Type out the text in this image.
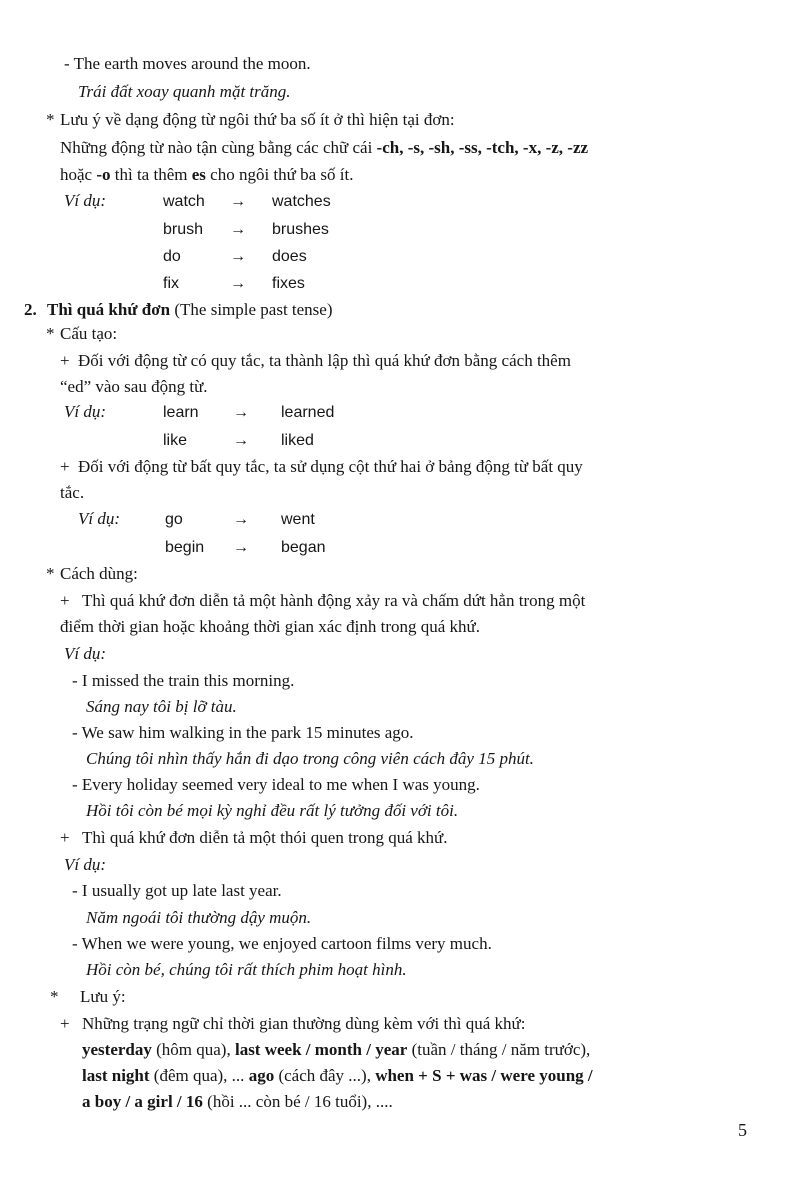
- The earth moves around the moon.
Trái đất xoay quanh mặt trăng.
* Lưu ý về dạng động từ ngôi thứ ba số ít ở thì hiện tại đơn:
Những động từ nào tận cùng bằng các chữ cái -ch, -s, -sh, -ss, -tch, -x, -z, -zz
hoặc -o thì ta thêm es cho ngôi thứ ba số ít.
Ví dụ:	watch → watches
brush → brushes
do	→ does
fix	→ fixes
2. Thì quá khứ đơn (The simple past tense)
* Cấu tạo:
+ Đối với động từ có quy tắc, ta thành lập thì quá khứ đơn bằng cách thêm
“ed” vào sau động từ.
Ví dụ:	learn → learned
like	→ liked
+ Đối với động từ bất quy tắc, ta sử dụng cột thứ hai ở bảng động từ bất quy
tắc.
Ví dụ:	go	→ went
begin → began
* Cách dùng:
+ Thì quá khứ đơn diễn tả một hành động xảy ra và chấm dứt hẳn trong một
điểm thời gian hoặc khoảng thời gian xác định trong quá khứ.
Ví dụ:
- I missed the train this morning.
Sáng nay tôi bị lỡ tàu.
- We saw him walking in the park 15 minutes ago.
Chúng tôi nhìn thấy hắn đi dạo trong công viên cách đây 15 phút.
- Every holiday seemed very ideal to me when I was young.
Hồi tôi còn bé mọi kỳ nghỉ đều rất lý tưởng đối với tôi.
+ Thì quá khứ đơn diễn tả một thói quen trong quá khứ.
Ví dụ:
- I usually got up late last year.
Năm ngoái tôi thường dậy muộn.
- When we were young, we enjoyed cartoon films very much.
Hồi còn bé, chúng tôi rất thích phim hoạt hình.
* Lưu ý:
+ Những trạng ngữ chỉ thời gian thường dùng kèm với thì quá khứ:
yesterday (hôm qua), last week / month / year (tuần / tháng / năm trước),
last night (đêm qua), ... ago (cách đây ...), when + S + was / were young /
a boy / a girl / 16 (hồi ... còn bé / 16 tuổi), ....
5
